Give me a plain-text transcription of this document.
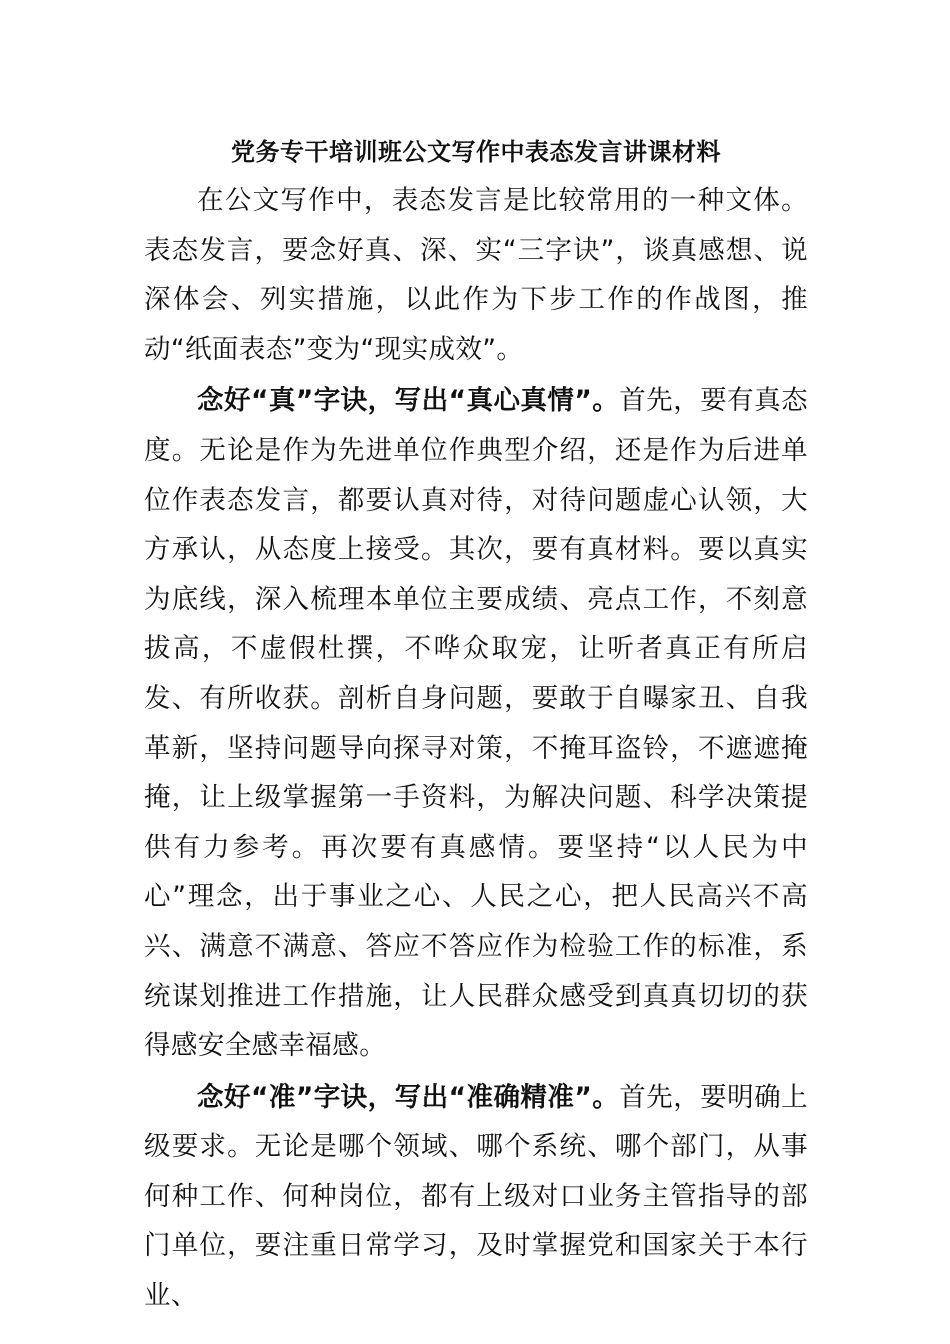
党务专干培训班公文写作中表态发言讲课材料

在公文写作中，表态发言是比较常用的一种文体。表态发言，要念好真、深、实“三字诀”，谈真感想、说深体会、列实措施，以此作为下步工作的作战图，推动“纸面表态”变为“现实成效”。

念好“真”字诀，写出“真心真情”。首先，要有真态度。无论是作为先进单位作典型介绍，还是作为后进单位作表态发言，都要认真对待，对待问题虚心认领，大方承认，从态度上接受。其次，要有真材料。要以真实为底线，深入梳理本单位主要成绩、亮点工作，不刻意拔高，不虚假杜撰，不哗众取宠，让听者真正有所启发、有所收获。剖析自身问题，要敢于自曝家丑、自我革新，坚持问题导向探寻对策，不掩耳盗铃，不遮遮掩掩，让上级掌握第一手资料，为解决问题、科学决策提供有力参考。再次要有真感情。要坚持“以人民为中心”理念，出于事业之心、人民之心，把人民高兴不高兴、满意不满意、答应不答应作为检验工作的标准，系统谋划推进工作措施，让人民群众感受到真真切切的获得感安全感幸福感。

念好“准”字诀，写出“准确精准”。首先，要明确上级要求。无论是哪个领域、哪个系统、哪个部门，从事何种工作、何种岗位，都有上级对口业务主管指导的部门单位，要注重日常学习，及时掌握党和国家关于本行业、
